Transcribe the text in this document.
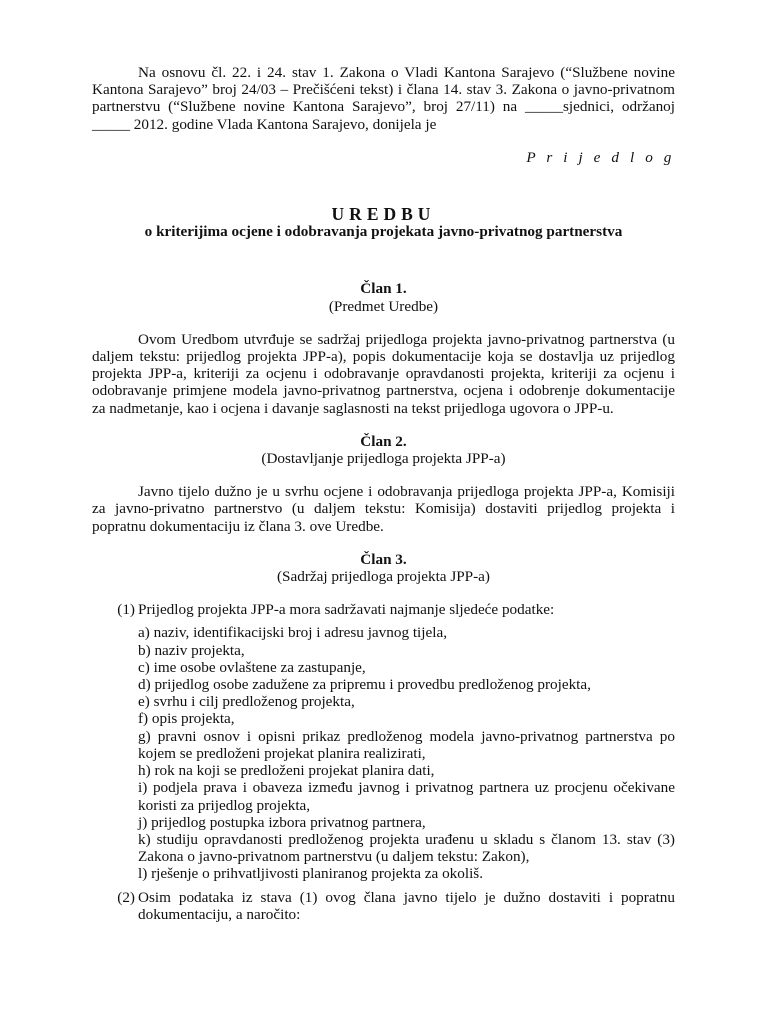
Na osnovu čl. 22. i 24. stav 1. Zakona o Vladi Kantona Sarajevo (“Službene novine Kantona Sarajevo” broj 24/03 – Prečišćeni tekst) i člana 14. stav 3. Zakona o javno-privatnom partnerstvu (“Službene novine Kantona Sarajevo”, broj 27/11) na _____sjednici, održanoj _____ 2012. godine Vlada Kantona Sarajevo, donijela je

P r i j e d l o g

UREDBU

o kriterijima ocjene i odobravanja projekata javno-privatnog partnerstva

Član 1.

(Predmet Uredbe)

Ovom Uredbom utvrđuje se sadržaj prijedloga projekta javno-privatnog partnerstva (u daljem tekstu: prijedlog projekta JPP-a), popis dokumentacije koja se dostavlja uz prijedlog projekta JPP-a, kriteriji za ocjenu i odobravanje opravdanosti projekta, kriteriji za ocjenu i odobravanje primjene modela javno-privatnog partnerstva, ocjena i odobrenje dokumentacije za nadmetanje, kao i ocjena i davanje saglasnosti na tekst prijedloga ugovora o JPP-u.

Član 2.

(Dostavljanje prijedloga projekta JPP-a)

Javno tijelo dužno je u svrhu ocjene i odobravanja prijedloga projekta JPP-a, Komisiji za javno-privatno partnerstvo (u daljem tekstu: Komisija) dostaviti prijedlog projekta i popratnu dokumentaciju iz člana 3. ove Uredbe.

Član 3.

(Sadržaj prijedloga projekta JPP-a)

(1) Prijedlog projekta JPP-a mora sadržavati najmanje sljedeće podatke:

a) naziv, identifikacijski broj i adresu javnog tijela,

b) naziv projekta,

c) ime osobe ovlaštene za zastupanje,

d) prijedlog osobe zadužene za pripremu i provedbu predloženog projekta,

e) svrhu i cilj predloženog projekta,

f) opis projekta,

g) pravni osnov i opisni prikaz predloženog modela javno-privatnog partnerstva po kojem se predloženi projekat planira realizirati,

h) rok na koji se predloženi projekat planira dati,

i) podjela prava i obaveza između javnog i privatnog partnera uz procjenu očekivane koristi za prijedlog projekta,

j) prijedlog postupka izbora privatnog partnera,

k) studiju opravdanosti predloženog projekta urađenu u skladu s članom 13. stav (3) Zakona o javno-privatnom partnerstvu (u daljem tekstu: Zakon),

l) rješenje o prihvatljivosti planiranog projekta za okoliš.

(2) Osim podataka iz stava (1) ovog člana javno tijelo je dužno dostaviti i popratnu dokumentaciju, a naročito:
